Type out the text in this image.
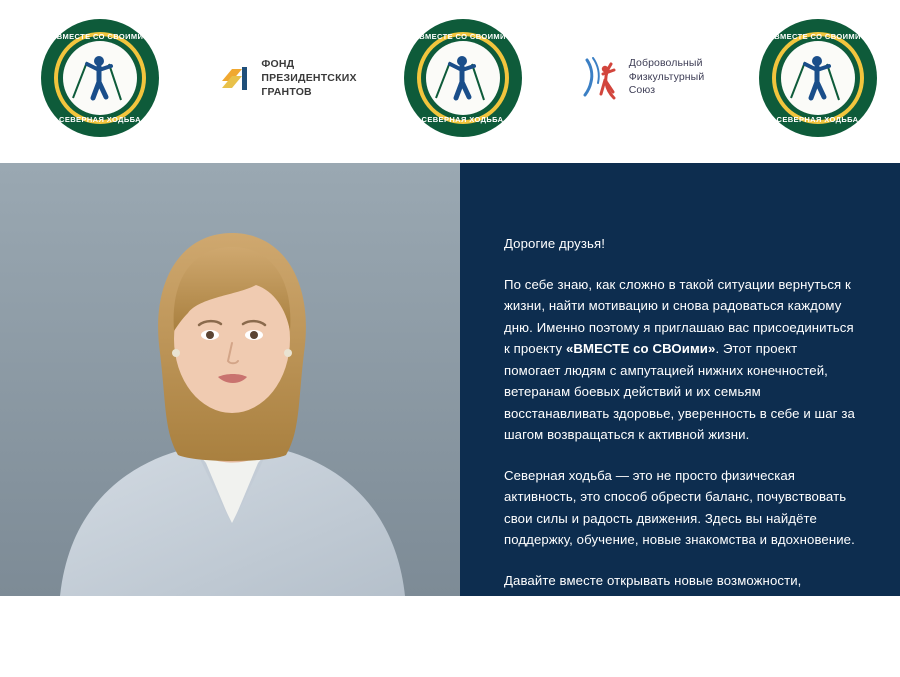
ВМЕСТЕ СО СВОИМИ
СЕВЕРНАЯ ХОДЬБА
ФОНД
ПРЕЗИДЕНТСКИХ
ГРАНТОВ
ВМЕСТЕ СО СВОИМИ
СЕВЕРНАЯ ХОДЬБА
Добровольный
Физкультурный
Союз
ВМЕСТЕ СО СВОИМИ
СЕВЕРНАЯ ХОДЬБА

Дорогие друзья!

По себе знаю, как сложно в такой ситуации вернуться к жизни, найти мотивацию и снова радоваться каждому дню. Именно поэтому я приглашаю вас присоединиться к проекту «ВМЕСТЕ со СВОими». Этот проект помогает людям с ампутацией нижних конечностей, ветеранам боевых действий и их семьям восстанавливать здоровье, уверенность в себе и шаг за шагом возвращаться к активной жизни.

Северная ходьба — это не просто физическая активность, это способ обрести баланс, почувствовать свои силы и радость движения. Здесь вы найдёте поддержку, обучение, новые знакомства и вдохновение.

Давайте вместе открывать новые возможности,

преодолевать трудности и делать каждый шаг уверенно.

Вместе мы сильнее!» — инициатор проекта Ирина Слуцкая
